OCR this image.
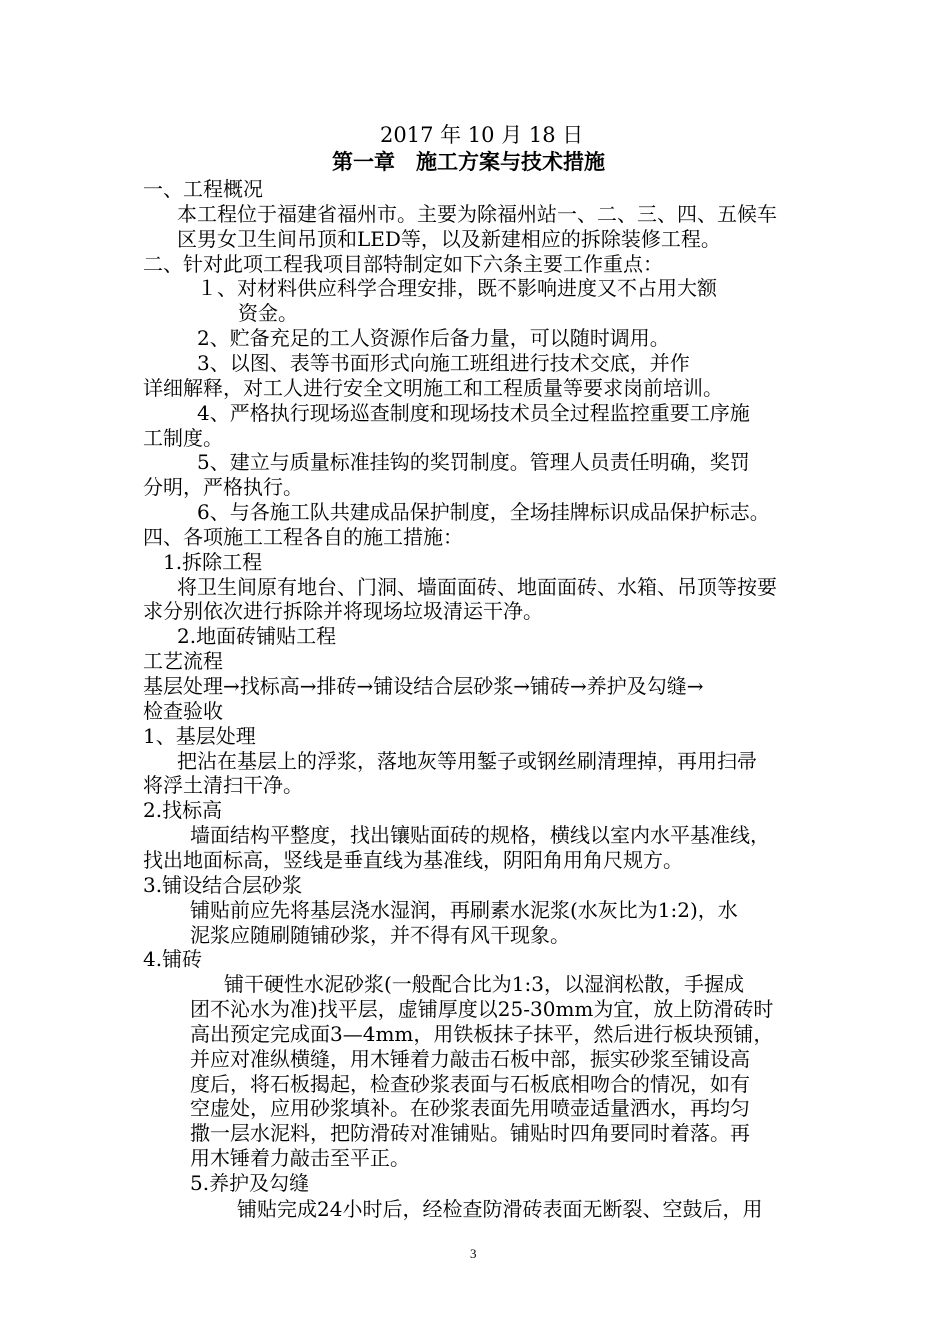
2017 年 10 月 18 日
第一章　施工方案与技术措施
一、工程概况
本工程位于福建省福州市。主要为除福州站一、二、三、四、五候车
区男女卫生间吊顶和LED等，以及新建相应的拆除装修工程。
二、针对此项工程我项目部特制定如下六条主要工作重点：
１、对材料供应科学合理安排，既不影响进度又不占用大额
资金。
2、贮备充足的工人资源作后备力量，可以随时调用。
3、以图、表等书面形式向施工班组进行技术交底，并作
详细解释，对工人进行安全文明施工和工程质量等要求岗前培训。
4、严格执行现场巡查制度和现场技术员全过程监控重要工序施
工制度。
5、建立与质量标准挂钩的奖罚制度。管理人员责任明确，奖罚
分明，严格执行。
6、与各施工队共建成品保护制度，全场挂牌标识成品保护标志。
四、各项施工工程各自的施工措施：
1.拆除工程
将卫生间原有地台、门洞、墙面面砖、地面面砖、水箱、吊顶等按要
求分别依次进行拆除并将现场垃圾清运干净。
2.地面砖铺贴工程
工艺流程
基层处理→找标高→排砖→铺设结合层砂浆→铺砖→养护及勾缝→
检查验收
1、基层处理
把沾在基层上的浮浆，落地灰等用錾子或钢丝刷清理掉，再用扫帚
将浮土清扫干净。
2.找标高
墙面结构平整度，找出镶贴面砖的规格，横线以室内水平基准线，
找出地面标高，竖线是垂直线为基准线，阴阳角用角尺规方。
3.铺设结合层砂浆
铺贴前应先将基层浇水湿润，再刷素水泥浆(水灰比为1:2)，水
泥浆应随刷随铺砂浆，并不得有风干现象。
4.铺砖
铺干硬性水泥砂浆(一般配合比为1:3，以湿润松散，手握成
团不沁水为准)找平层，虚铺厚度以25-30mm为宜，放上防滑砖时
高出预定完成面3—4mm，用铁板抹子抹平，然后进行板块预铺，
并应对准纵横缝，用木锤着力敲击石板中部，振实砂浆至铺设高
度后，将石板揭起，检查砂浆表面与石板底相吻合的情况，如有
空虚处，应用砂浆填补。在砂浆表面先用喷壶适量洒水，再均匀
撒一层水泥料，把防滑砖对准铺贴。铺贴时四角要同时着落。再
用木锤着力敲击至平正。
5.养护及勾缝
铺贴完成24小时后，经检查防滑砖表面无断裂、空鼓后，用
3
